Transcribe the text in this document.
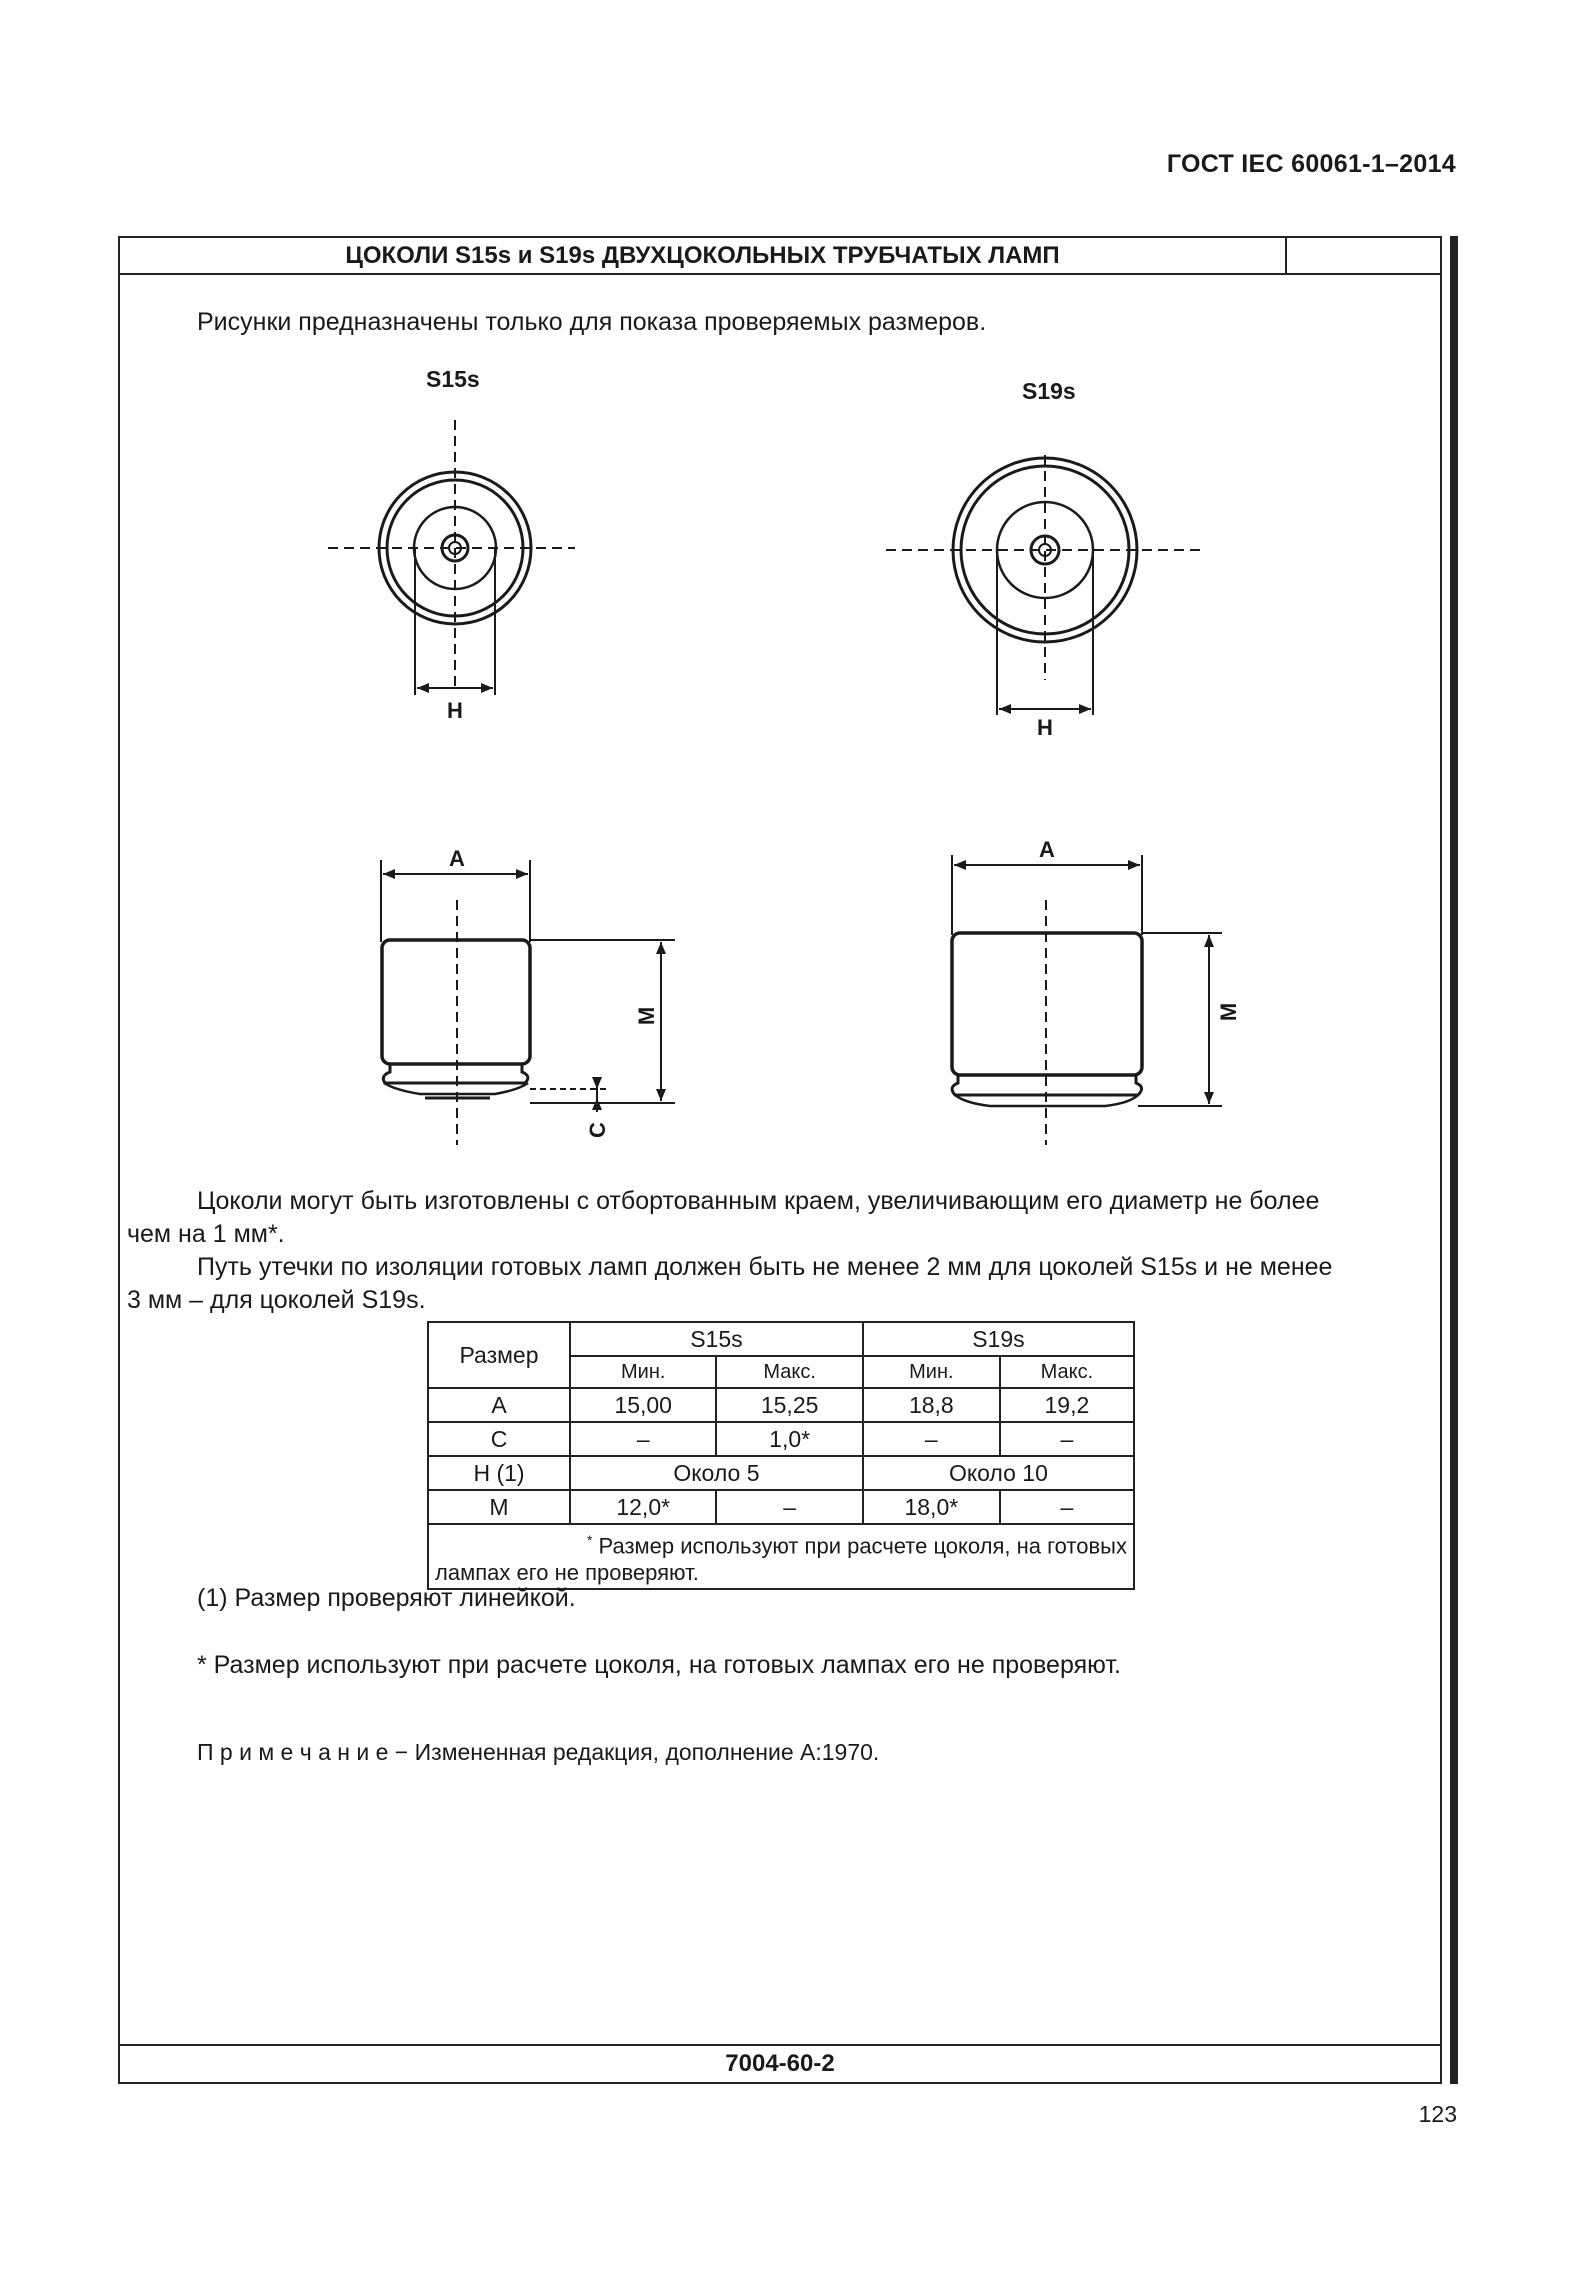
ГОСТ IEC 60061-1–2014
ЦОКОЛИ S15s и S19s ДВУХЦОКОЛЬНЫХ ТРУБЧАТЫХ ЛАМП
7004-60-2
Рисунки предназначены только для показа проверяемых размеров.
S15s	S19s
H
H
A	A
M	M
C
Цоколи могут быть изготовлены с отбортованным краем, увеличивающим его диаметр не более
чем на 1 мм*.
Путь утечки по изоляции готовых ламп должен быть не менее 2 мм для цоколей S15s и не менее
3 мм – для цоколей S19s.
Размер	S15s		S19s	
	Мин.	Макс.	Мин.	Макс.
A	15,00	15,25	18,8	19,2
C	–	1,0*	–	–
H (1)	Около 5		Около 10	
M	12,0*	–	18,0*	–

* Размер используют при расчете цоколя, на готовых
лампах его не проверяют.				
(1) Размер проверяют линейкой.
* Размер используют при расчете цоколя, на готовых лампах его не проверяют.
П р и м е ч а н и е − Измененная редакция, дополнение А:1970.
123
